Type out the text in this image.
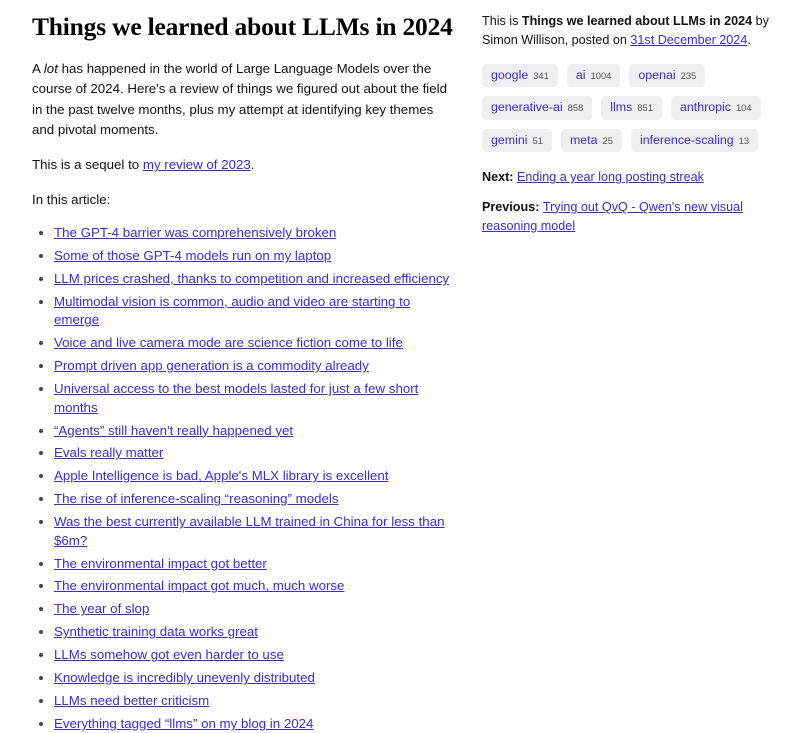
Things we learned about LLMs in 2024

A lot has happened in the world of Large Language Models over the course of 2024. Here's a review of things we figured out about the field in the past twelve months, plus my attempt at identifying key themes and pivotal moments.

This is a sequel to my review of 2023.

In this article:

• The GPT-4 barrier was comprehensively broken
• Some of those GPT-4 models run on my laptop
• LLM prices crashed, thanks to competition and increased efficiency
• Multimodal vision is common, audio and video are starting to emerge
• Voice and live camera mode are science fiction come to life
• Prompt driven app generation is a commodity already
• Universal access to the best models lasted for just a few short months
• “Agents” still haven't really happened yet
• Evals really matter
• Apple Intelligence is bad, Apple's MLX library is excellent
• The rise of inference-scaling “reasoning” models
• Was the best currently available LLM trained in China for less than $6m?
• The environmental impact got better
• The environmental impact got much, much worse
• The year of slop
• Synthetic training data works great
• LLMs somehow got even harder to use
• Knowledge is incredibly unevenly distributed
• LLMs need better criticism
• Everything tagged “llms” on my blog in 2024

This is Things we learned about LLMs in 2024 by Simon Willison, posted on 31st December 2024.

google 341 ai 1004 openai 235
generative-ai 858 llms 851 anthropic 104
gemini 51 meta 25 inference-scaling 13

Next: Ending a year long posting streak

Previous: Trying out QvQ - Qwen's new visual reasoning model
